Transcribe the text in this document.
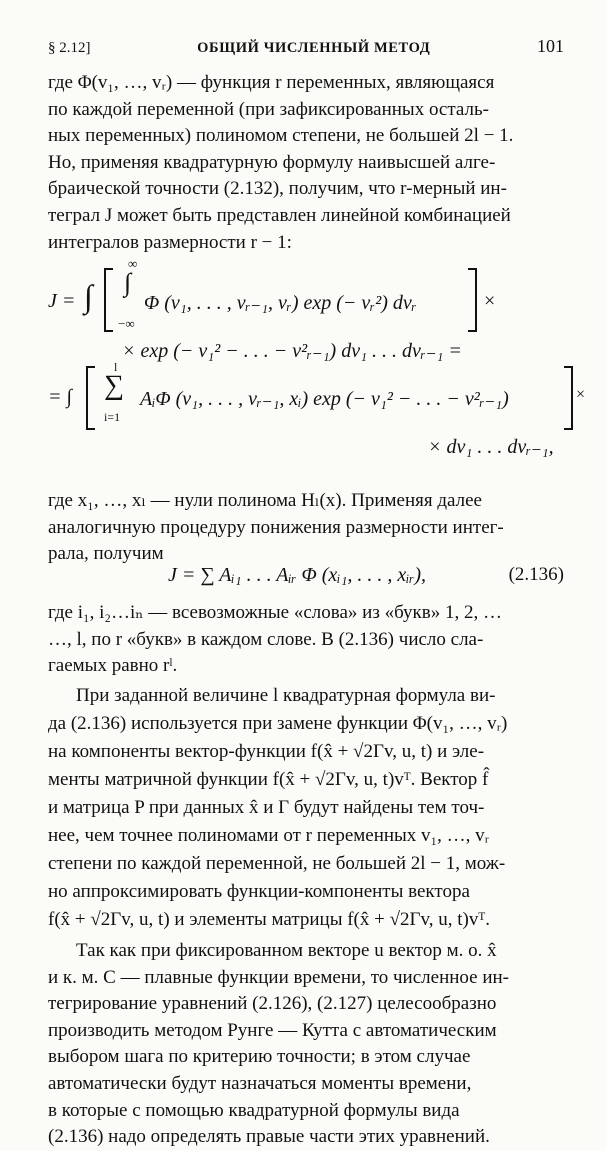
§ 2.12]	ОБЩИЙ ЧИСЛЕННЫЙ МЕТОД	101

где Φ(v₁, …, vᵣ) — функция r переменных, являющаяся

по каждой переменной (при зафиксированных осталь-

ных переменных) полиномом степени, не большей 2l − 1.

Но, применяя квадратурную формулу наивысшей алге-

браической точности (2.132), получим, что r-мерный ин-

теграл J может быть представлен линейной комбинацией

интегралов размерности r − 1:

J = ∫ ∫
∞
−∞
Φ (v₁, . . . , vᵣ₋₁, vᵣ) exp (− vᵣ²) dvᵣ	×
× exp (− v₁² − . . . − v²ᵣ₋₁) dv₁ . . . dvᵣ₋₁ =
= ∫
l
∑
i=1
AᵢΦ (v₁, . . . , vᵣ₋₁, xᵢ) exp (− v₁² − . . . − v²ᵣ₋₁)	×
× dv₁ . . . dvᵣ₋₁,

где x₁, …, xₗ — нули полинома Hₗ(x). Применяя далее

аналогичную процедуру понижения размерности интег-

рала, получим

J = ∑ Aᵢ₁ . . . Aᵢᵣ Φ (xᵢ₁, . . . , xᵢᵣ),	(2.136)

где i₁, i₂…iₙ — всевозможные «слова» из «букв» 1, 2, …

…, l, по r «букв» в каждом слове. В (2.136) число сла-

гаемых равно rˡ.

При заданной величине l квадратурная формула ви-

да (2.136) используется при замене функции Φ(v₁, …, vᵣ)

на компоненты вектор-функции f(x̂ + √2Γv, u, t) и эле-

менты матричной функции f(x̂ + √2Γv, u, t)vᵀ. Вектор f̂

и матрица P при данных x̂ и Γ будут найдены тем точ-

нее, чем точнее полиномами от r переменных v₁, …, vᵣ

степени по каждой переменной, не большей 2l − 1, мож-

но аппроксимировать функции-компоненты вектора

f(x̂ + √2Γv, u, t) и элементы матрицы f(x̂ + √2Γv, u, t)vᵀ.

Так как при фиксированном векторе u вектор м. о. x̂

и к. м. C — плавные функции времени, то численное ин-

тегрирование уравнений (2.126), (2.127) целесообразно

производить методом Рунге — Кутта с автоматическим

выбором шага по критерию точности; в этом случае

автоматически будут назначаться моменты времени,

в которые с помощью квадратурной формулы вида

(2.136) надо определять правые части этих уравнений.
